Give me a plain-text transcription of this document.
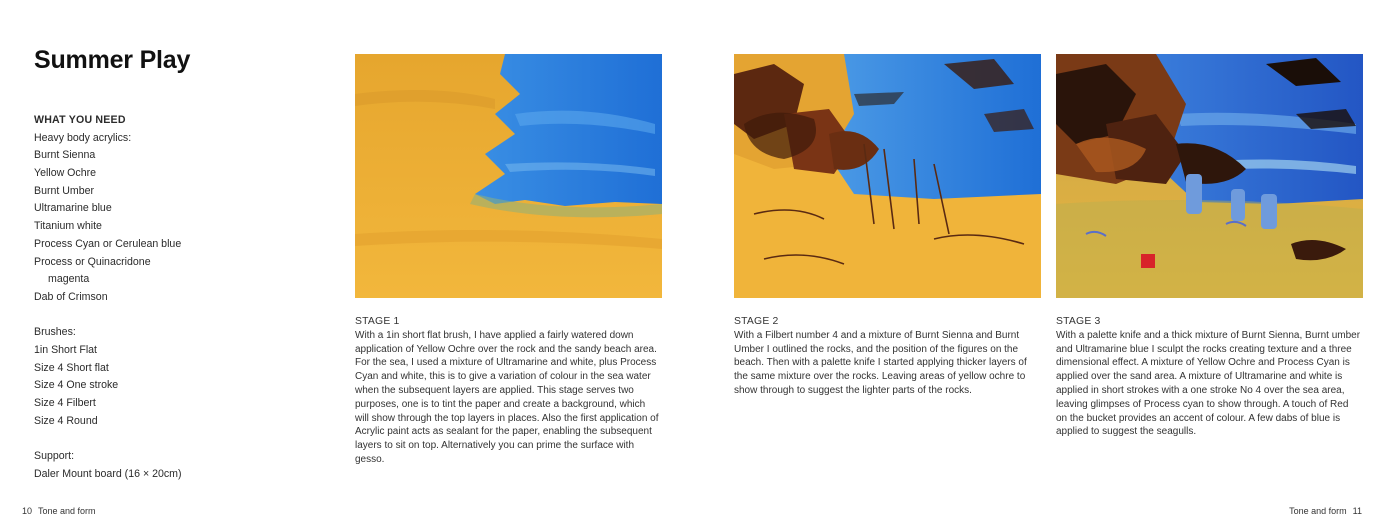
Summer Play
WHAT YOU NEED
Heavy body acrylics:
Burnt Sienna
Yellow Ochre
Burnt Umber
Ultramarine blue
Titanium white
Process Cyan or Cerulean blue
Process or Quinacridone
magenta
Dab of Crimson
Brushes:
1in Short Flat
Size 4 Short flat
Size 4 One stroke
Size 4 Filbert
Size 4 Round
Support:
Daler Mount board (16 × 20cm)
STAGE 1
With a 1in short flat brush, I have applied a fairly watered down application of Yellow Ochre over the rock and the sandy beach area. For the sea, I used a mixture of Ultramarine and white, plus Process Cyan and white, this is to give a variation of colour in the sea water when the subsequent layers are applied. This stage serves two purposes, one is to tint the paper and create a background, which will show through the top layers in places. Also the first application of Acrylic paint acts as sealant for the paper, enabling the subsequent layers to sit on top. Alternatively you can prime the surface with gesso.
STAGE 2
With a Filbert number 4 and a mixture of Burnt Sienna and Burnt Umber I outlined the rocks, and the position of the figures on the beach. Then with a palette knife I started applying thicker layers of the same mixture over the rocks. Leaving areas of yellow ochre to show through to suggest the lighter parts of the rocks.
STAGE 3
With a palette knife and a thick mixture of Burnt Sienna, Burnt umber and Ultramarine blue I sculpt the rocks creating texture and a three dimensional effect. A mixture of Yellow Ochre and Process Cyan is applied over the sand area. A mixture of Ultramarine and white is applied in short strokes with a one stroke No 4 over the sea area, leaving glimpses of Process cyan to show through. A touch of Red on the bucket provides an accent of colour. A few dabs of blue is applied to suggest the seagulls.
10 Tone and form	Tone and form 11
